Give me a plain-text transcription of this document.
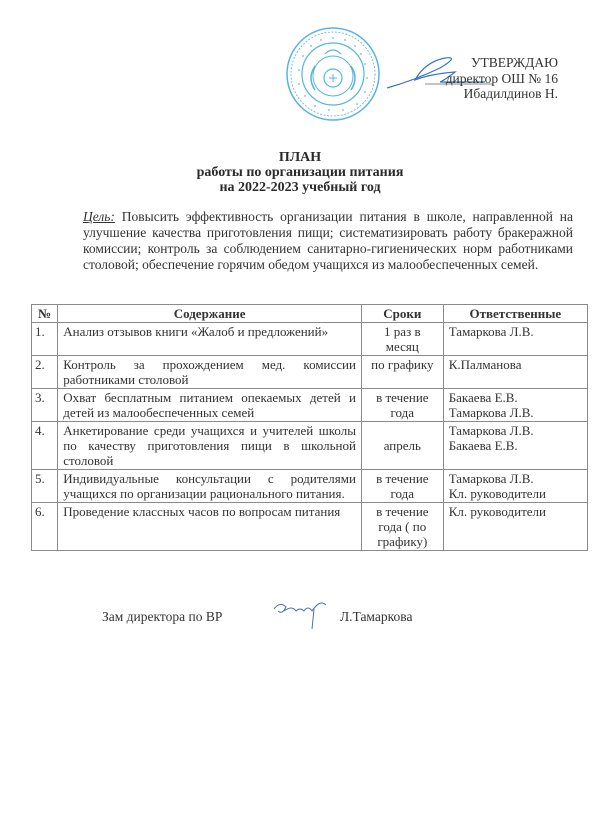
УТВЕРЖДАЮ
директор ОШ № 16
Ибадилдинов Н.
ПЛАН
работы по организации питания
на 2022-2023 учебный год
Цель: Повысить эффективность организации питания в школе, направленной на улучшение качества приготовления пищи; систематизировать работу бракеражной комиссии; контроль за соблюдением санитарно-гигиенических норм работниками столовой; обеспечение горячим обедом учащихся из малообеспеченных семей.
№	Содержание	Сроки	Ответственные
1.	Анализ отзывов книги «Жалоб и предложений»	1 раз в месяц	Тамаркова Л.В.

2.	Контроль за прохождением мед. комиссии работниками столовой	по графику	К.Палманова

3.	Охват бесплатным питанием опекаемых детей и детей из малообеспеченных семей	в течение года	Бакаева Е.В.
Тамаркова Л.В.

4.	Анкетирование среди учащихся и учителей школы по качеству приготовления пищи в школьной столовой	апрель	Тамаркова Л.В.
Бакаева Е.В.

5.	Индивидуальные консультации с родителями учащихся по организации рационального питания.	в течение года	Тамаркова Л.В.
Кл. руководители

6.	Проведение классных часов по вопросам питания	в течение года ( по графику)	Кл. руководители
Зам директора по ВР	Л.Тамаркова
